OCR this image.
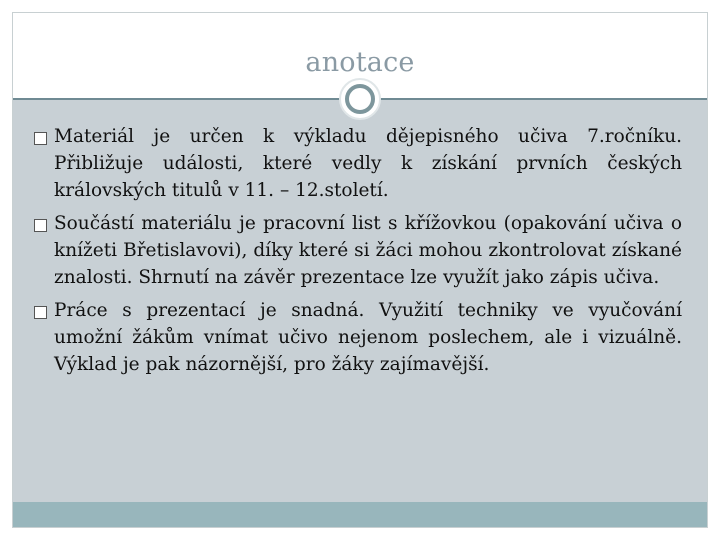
anotace
Materiál je určen k výkladu dějepisného učiva 7.ročníku. Přibližuje události, které vedly k získání prvních českých královských titulů v 11. – 12.století.
Součástí materiálu je pracovní list s křížovkou (opakování učiva o knížeti Břetislavovi), díky které si žáci mohou zkontrolovat získané znalosti. Shrnutí na závěr prezentace lze využít jako zápis učiva.
Práce s prezentací je snadná. Využití techniky ve vyučování umožní žákům vnímat učivo nejenom poslechem, ale i vizuálně. Výklad je pak názornější, pro žáky zajímavější.
